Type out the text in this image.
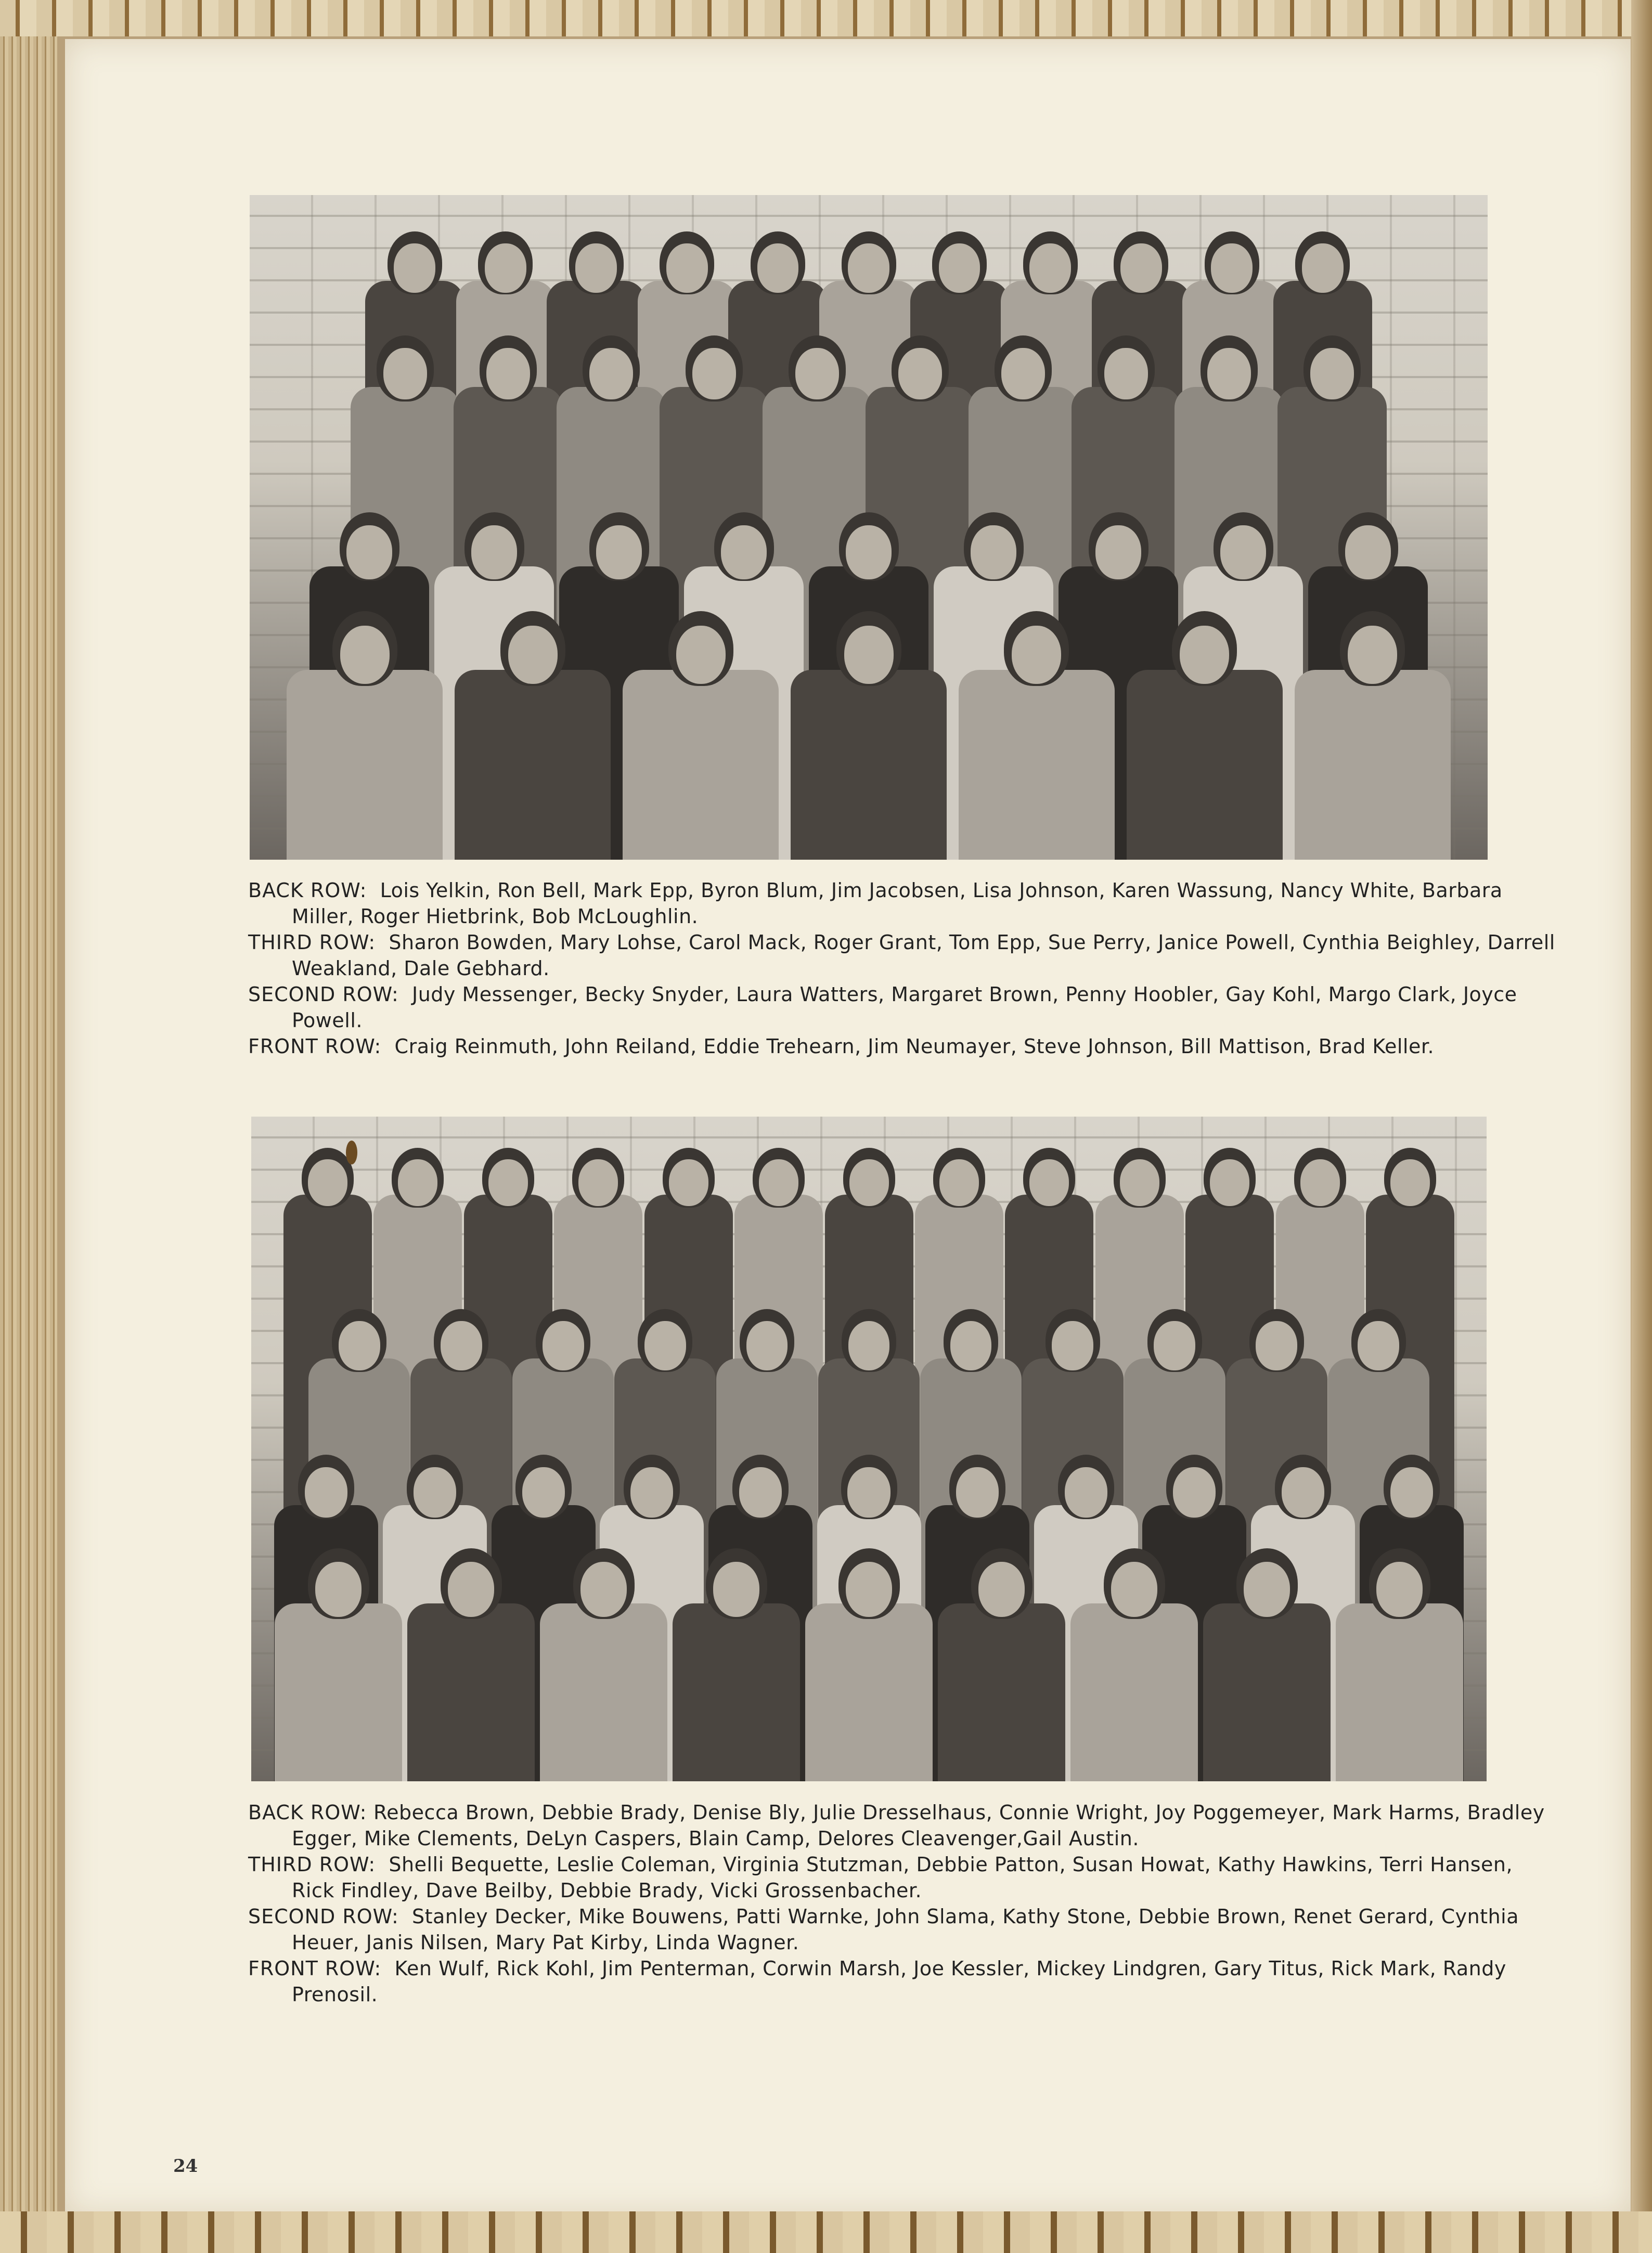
BACK ROW: Lois Yelkin, Ron Bell, Mark Epp, Byron Blum, Jim Jacobsen, Lisa Johnson, Karen Wassung, Nancy White, Barbara Miller, Roger Hietbrink, Bob McLoughlin.

THIRD ROW: Sharon Bowden, Mary Lohse, Carol Mack, Roger Grant, Tom Epp, Sue Perry, Janice Powell, Cynthia Beighley, Darrell Weakland, Dale Gebhard.

SECOND ROW: Judy Messenger, Becky Snyder, Laura Watters, Margaret Brown, Penny Hoobler, Gay Kohl, Margo Clark, Joyce Powell.

FRONT ROW: Craig Reinmuth, John Reiland, Eddie Trehearn, Jim Neumayer, Steve Johnson, Bill Mattison, Brad Keller.

BACK ROW: Rebecca Brown, Debbie Brady, Denise Bly, Julie Dresselhaus, Connie Wright, Joy Poggemeyer, Mark Harms, Bradley Egger, Mike Clements, DeLyn Caspers, Blain Camp, Delores Cleavenger,Gail Austin.

THIRD ROW: Shelli Bequette, Leslie Coleman, Virginia Stutzman, Debbie Patton, Susan Howat, Kathy Hawkins, Terri Hansen, Rick Findley, Dave Beilby, Debbie Brady, Vicki Grossenbacher.

SECOND ROW: Stanley Decker, Mike Bouwens, Patti Warnke, John Slama, Kathy Stone, Debbie Brown, Renet Gerard, Cynthia Heuer, Janis Nilsen, Mary Pat Kirby, Linda Wagner.

FRONT ROW: Ken Wulf, Rick Kohl, Jim Penterman, Corwin Marsh, Joe Kessler, Mickey Lindgren, Gary Titus, Rick Mark, Randy Prenosil.

24
